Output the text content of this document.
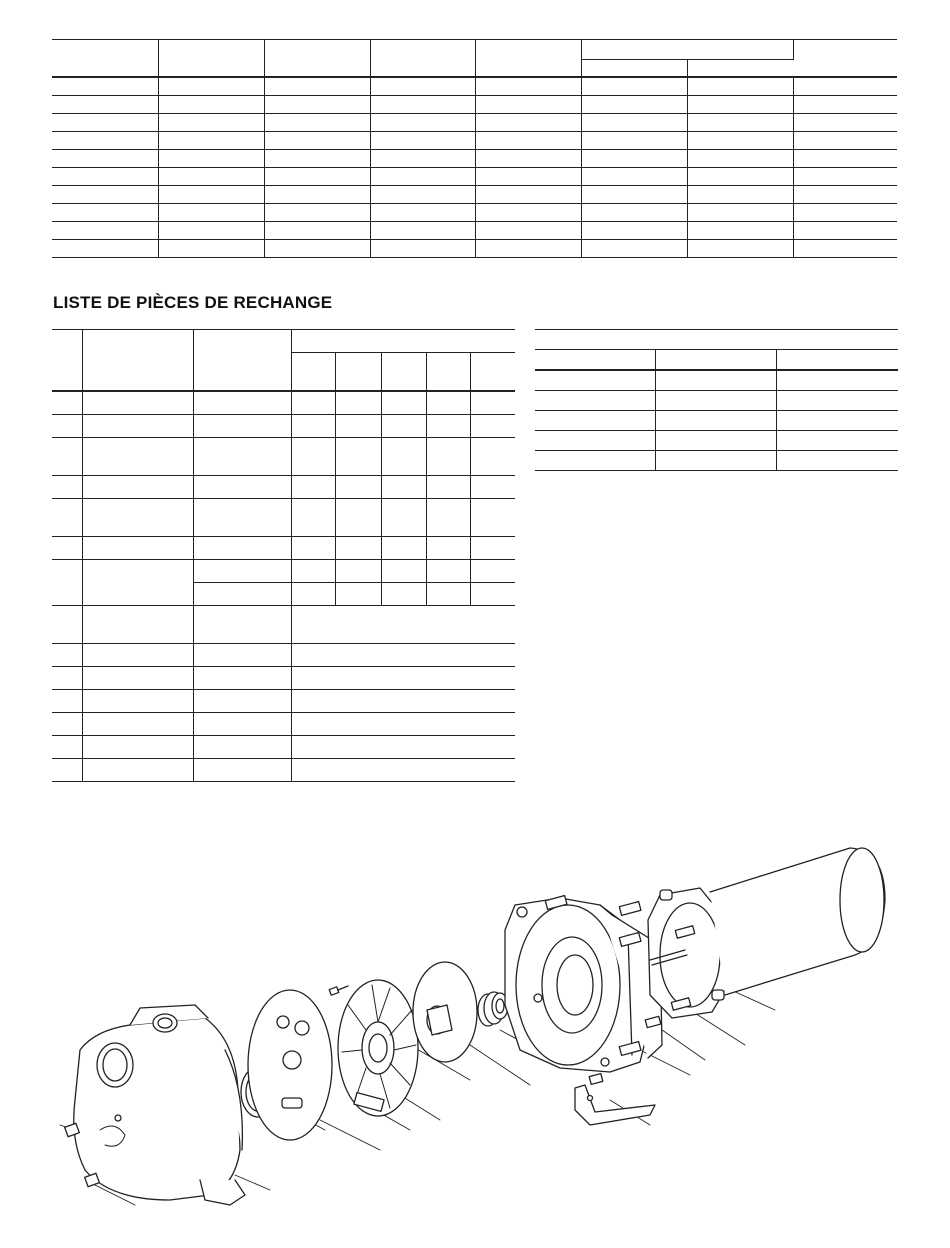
LISTE DE PIÈCES DE RECHANGE
